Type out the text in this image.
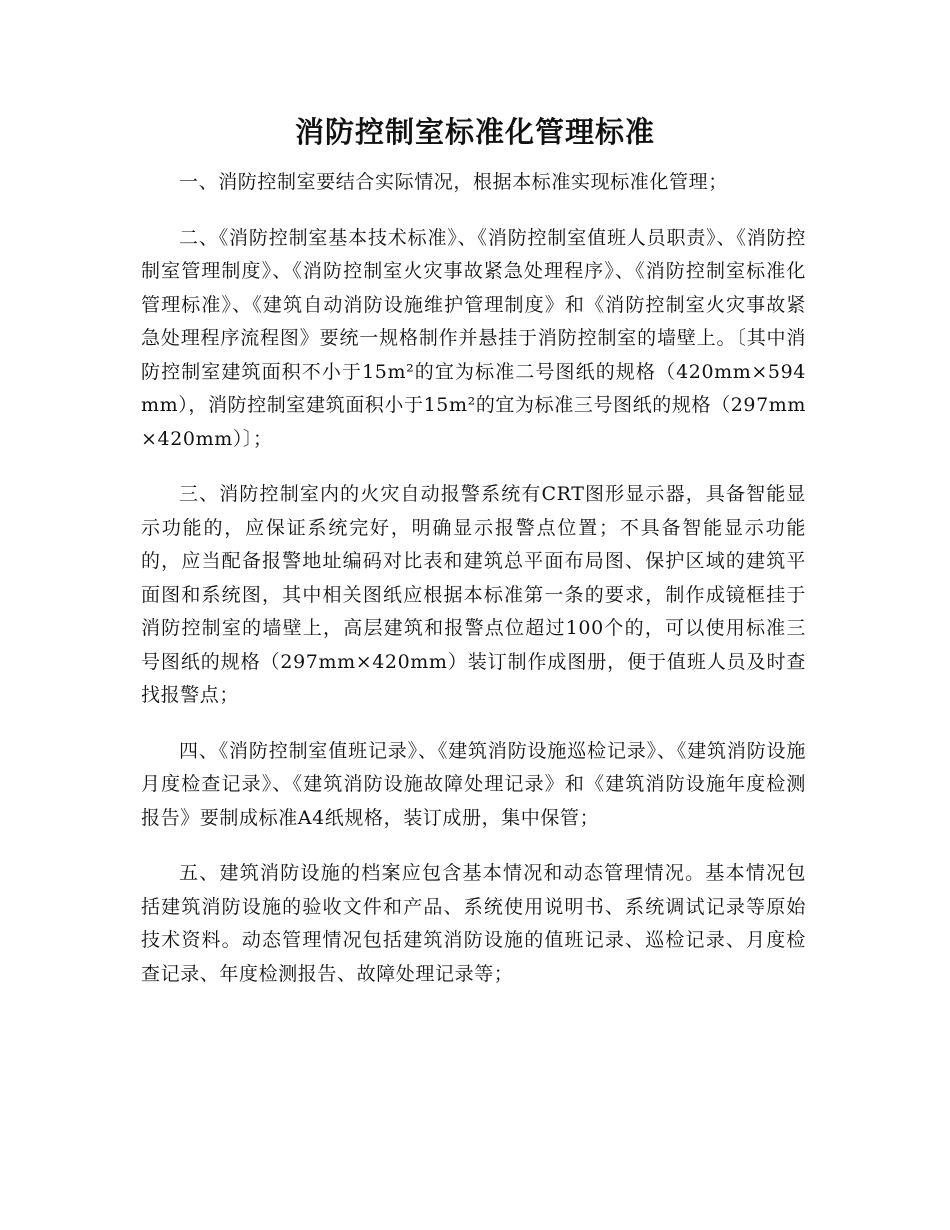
消防控制室标准化管理标准

一、消防控制室要结合实际情况，根据本标准实现标准化管理；

二、《消防控制室基本技术标准》、《消防控制室值班人员职责》、《消防控制室管理制度》、《消防控制室火灾事故紧急处理程序》、《消防控制室标准化管理标准》、《建筑自动消防设施维护管理制度》和《消防控制室火灾事故紧急处理程序流程图》要统一规格制作并悬挂于消防控制室的墙壁上。〔其中消防控制室建筑面积不小于15m²的宜为标准二号图纸的规格（420mm×594mm），消防控制室建筑面积小于15m²的宜为标准三号图纸的规格（297mm×420mm）〕；

三、消防控制室内的火灾自动报警系统有CRT图形显示器，具备智能显示功能的，应保证系统完好，明确显示报警点位置；不具备智能显示功能的，应当配备报警地址编码对比表和建筑总平面布局图、保护区域的建筑平面图和系统图，其中相关图纸应根据本标准第一条的要求，制作成镜框挂于消防控制室的墙壁上，高层建筑和报警点位超过100个的，可以使用标准三号图纸的规格（297mm×420mm）装订制作成图册，便于值班人员及时查找报警点；

四、《消防控制室值班记录》、《建筑消防设施巡检记录》、《建筑消防设施月度检查记录》、《建筑消防设施故障处理记录》和《建筑消防设施年度检测报告》要制成标准A4纸规格，装订成册，集中保管；

五、建筑消防设施的档案应包含基本情况和动态管理情况。基本情况包括建筑消防设施的验收文件和产品、系统使用说明书、系统调试记录等原始技术资料。动态管理情况包括建筑消防设施的值班记录、巡检记录、月度检查记录、年度检测报告、故障处理记录等；
